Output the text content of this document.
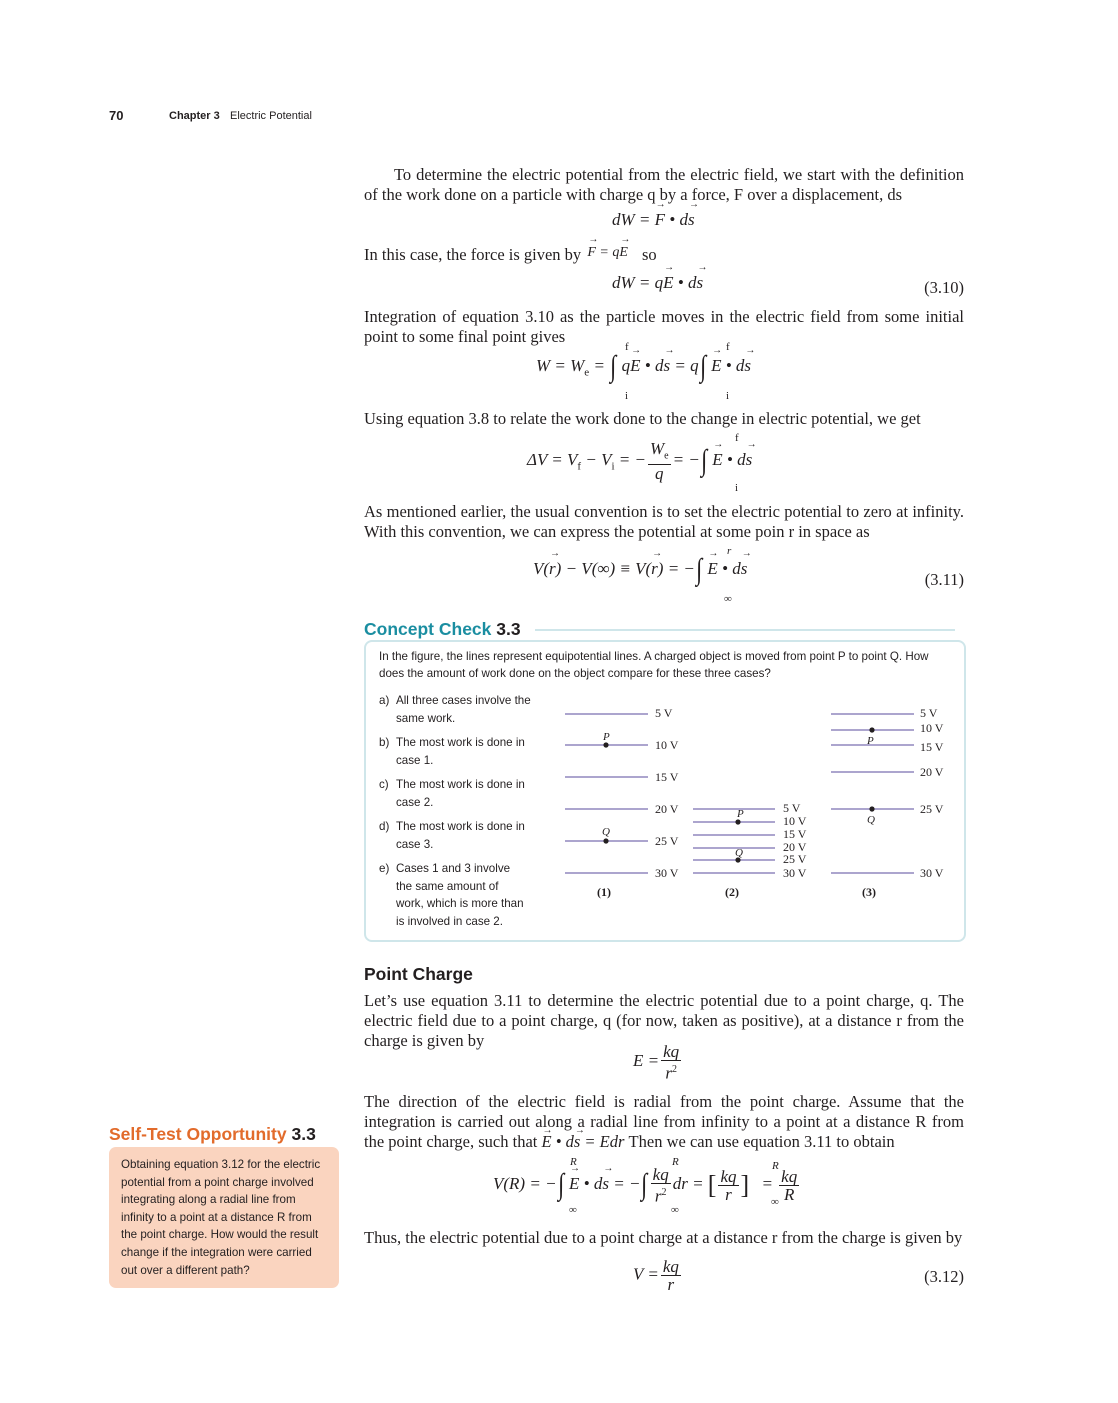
70	Chapter 3 Electric Potential
To determine the electric potential from the electric field, we start with the definition of the work done on a particle with charge q by a force, F over a displacement, ds
dW = → F • d→ s
In this case, the force is given by → $^{F = q\to E}$ so
dW = q→ E • d→ s	(3.10)
Integration of equation 3.10 as the particle moves in the electric field from some initial point to some final point gives
$W = W_e$ = ∫ q→ E • d→ s = q∫ → E • d→ s
f
i
f
i
Using equation 3.8 to relate the work done to the change in electric potential, we get
$\Delta V = V_f - V_i$ = − $\frac{W_e}{q}$ = −∫ → E • d→ s
f
i
As mentioned earlier, the usual convention is to set the electric potential to zero at infinity. With this convention, we can express the potential at some poin r in space as
V(→ r) − V(∞) ≡ V(→ r) = −∫ → E • d→ s
r
∞
(3.11)
Concept Check 3.3
In the figure, the lines represent equipotential lines. A charged object is moved from point P to point Q. How does the amount of work done on the object compare for these three cases?
a) All three cases involve the same work.
b) The most work is done in case 1.
c) The most work is done in case 2.
d) The most work is done in case 3.
e) Cases 1 and 3 involve the same amount of work, which is more than is involved in case 2.
5 V
10 V
15 V
20 V
25 V
30 V
P
Q
(1)
5 V
10 V
15 V
20 V
25 V
30 V
P
Q
(2)
5 V
10 V
15 V
20 V
25 V
30 V
P
Q
(3)
Point Charge
Let’s use equation 3.11 to determine the electric potential due to a point charge, q. The electric field due to a point charge, q (for now, taken as positive), at a distance r from the charge is given by
$E = \frac{kq}{r^2}$
The direction of the electric field is radial from the point charge. Assume that the integration is carried out along a radial line from infinity to a point at a distance R from the point charge, such that → E • d→ s = Edr Then we can use equation 3.11 to obtain
V(R) = −∫ → E • d→ s = −∫ $\frac{kq}{r^2}$ dr = [ $\frac{kq}{r}$ ] = $\frac{kq}{R}$
R
∞
R
∞
R
∞
Thus, the electric potential due to a point charge at a distance r from the charge is given by
$V = \frac{kq}{r}$	(3.12)
Self-Test Opportunity 3.3
Obtaining equation 3.12 for the electric potential from a point charge involved integrating along a radial line from infinity to a point at a distance R from the point charge. How would the result change if the integration were carried out over a different path?
